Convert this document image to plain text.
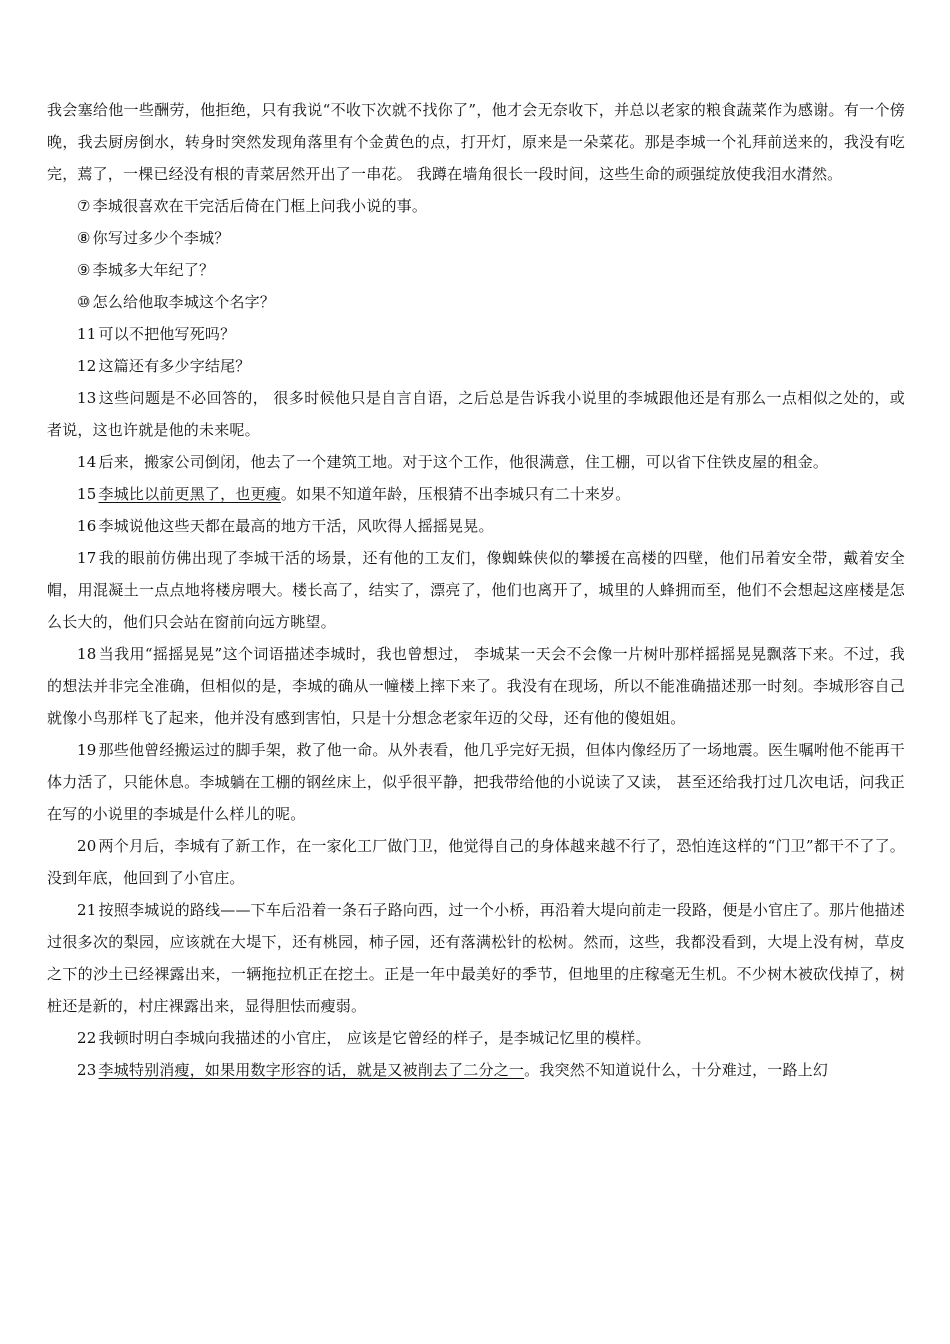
我会塞给他一些酬劳，他拒绝，只有我说“不收下次就不找你了”，他才会无奈收下，并总以老家的粮食蔬菜作为感谢。有一个傍晚，我去厨房倒水，转身时突然发现角落里有个金黄色的点，打开灯，原来是一朵菜花。那是李城一个礼拜前送来的，我没有吃完，蔫了，一棵已经没有根的青菜居然开出了一串花。 我蹲在墙角很长一段时间，这些生命的顽强绽放使我泪水潸然。

⑦ 李城很喜欢在干完活后倚在门框上问我小说的事。

⑧ 你写过多少个李城？

⑨ 李城多大年纪了？

⑩ 怎么给他取李城这个名字？

11 可以不把他写死吗？

12 这篇还有多少字结尾？

13 这些问题是不必回答的， 很多时候他只是自言自语，之后总是告诉我小说里的李城跟他还是有那么一点相似之处的，或者说，这也许就是他的未来呢。

14 后来，搬家公司倒闭，他去了一个建筑工地。对于这个工作，他很满意，住工棚，可以省下住铁皮屋的租金。

15 李城比以前更黑了，也更瘦。如果不知道年龄，压根猜不出李城只有二十来岁。

16 李城说他这些天都在最高的地方干活，风吹得人摇摇晃晃。

17 我的眼前仿佛出现了李城干活的场景，还有他的工友们，像蜘蛛侠似的攀援在高楼的四壁，他们吊着安全带，戴着安全帽，用混凝土一点点地将楼房喂大。楼长高了，结实了，漂亮了，他们也离开了，城里的人蜂拥而至，他们不会想起这座楼是怎么长大的，他们只会站在窗前向远方眺望。

18 当我用“摇摇晃晃”这个词语描述李城时，我也曾想过， 李城某一天会不会像一片树叶那样摇摇晃晃飘落下来。不过，我的想法并非完全准确，但相似的是，李城的确从一幢楼上摔下来了。我没有在现场，所以不能准确描述那一时刻。李城形容自己就像小鸟那样飞了起来，他并没有感到害怕，只是十分想念老家年迈的父母，还有他的傻姐姐。

19 那些他曾经搬运过的脚手架，救了他一命。从外表看，他几乎完好无损，但体内像经历了一场地震。医生嘱咐他不能再干体力活了，只能休息。李城躺在工棚的钢丝床上，似乎很平静，把我带给他的小说读了又读， 甚至还给我打过几次电话，问我正在写的小说里的李城是什么样儿的呢。

20 两个月后，李城有了新工作，在一家化工厂做门卫，他觉得自己的身体越来越不行了，恐怕连这样的“门卫”都干不了了。没到年底，他回到了小官庄。

21 按照李城说的路线——下车后沿着一条石子路向西，过一个小桥，再沿着大堤向前走一段路，便是小官庄了。那片他描述过很多次的梨园，应该就在大堤下，还有桃园，柿子园，还有落满松针的松树。然而，这些，我都没看到，大堤上没有树，草皮之下的沙土已经裸露出来，一辆拖拉机正在挖土。正是一年中最美好的季节，但地里的庄稼毫无生机。不少树木被砍伐掉了，树桩还是新的，村庄裸露出来，显得胆怯而瘦弱。

22 我顿时明白李城向我描述的小官庄， 应该是它曾经的样子，是李城记忆里的模样。

23 李城特别消瘦，如果用数字形容的话，就是又被削去了二分之一。我突然不知道说什么，十分难过，一路上幻
